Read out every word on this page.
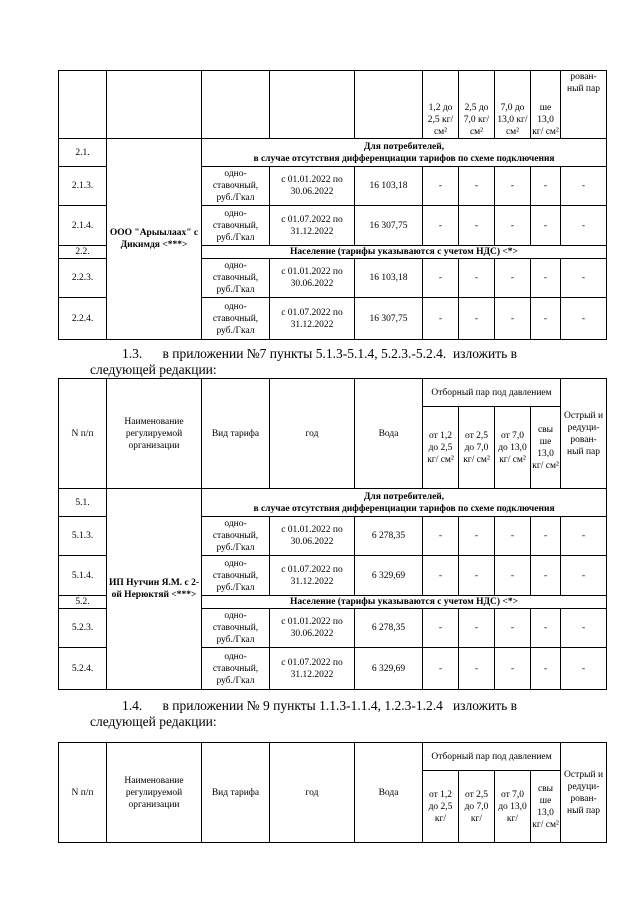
					1,2 до 2,5 кг/ см²	2,5 до 7,0 кг/ см²	7,0 до 13,0 кг/ см²	ше 13,0 кг/ см²	рован- ный пар
2.1.	ООО "Арыылаах" с Дикимдя <***>	Для потребителей,
в случае отсутствия дифференциации тарифов по схеме подключения							

2.1.3.		одно- ставочный, руб./Гкал	с 01.01.2022 по 30.06.2022	16 103,18	-	-	-	-	-
2.1.4.		одно- ставочный, руб./Гкал	с 01.07.2022 по 31.12.2022	16 307,75	-	-	-	-	-
2.2.		Население (тарифы указываются с учетом НДС) <*>							
2.2.3.		одно- ставочный, руб./Гкал	с 01.01.2022 по 30.06.2022	16 103,18	-	-	-	-	-
2.2.4.		одно- ставочный, руб./Гкал	с 01.07.2022 по 31.12.2022	16 307,75	-	-	-	-	-
1.3.      в приложении №7 пункты 5.1.3-5.1.4, 5.2.3.-5.2.4.  изложить в
следующей редакции:
N п/п	Наименование регулируемой организации	Вид тарифа	год	Вода	Отборный пар под давлением				Острый и редуци- рован- ный пар
					от 1,2 до 2,5 кг/ см²	от 2,5 до 7,0 кг/ см²	от 7,0 до 13,0 кг/ см²	свы ше 13,0 кг/ см²	
5.1.	ИП Нутчин Я.М. с 2-ой Нерюктяй <***>	Для потребителей,
в случае отсутствия дифференциации тарифов по схеме подключения							

5.1.3.		одно- ставочный, руб./Гкал	с 01.01.2022 по 30.06.2022	6 278,35	-	-	-	-	-
5.1.4.		одно- ставочный, руб./Гкал	с 01.07.2022 по 31.12.2022	6 329,69	-	-	-	-	-
5.2.		Население (тарифы указываются с учетом НДС) <*>							
5.2.3.		одно- ставочный, руб./Гкал	с 01.01.2022 по 30.06.2022	6 278,35	-	-	-	-	-
5.2.4.		одно- ставочный, руб./Гкал	с 01.07.2022 по 31.12.2022	6 329,69	-	-	-	-	-
1.4.      в приложении № 9 пункты 1.1.3-1.1.4, 1.2.3-1.2.4   изложить в
следующей редакции:
N п/п	Наименование регулируемой организации	Вид тарифа	год	Вода	Отборный пар под давлением				Острый и редуци- рован- ный пар
					от 1,2 до 2,5 кг/	от 2,5 до 7,0 кг/	от 7,0 до 13,0 кг/	свы ше 13,0 кг/ см²	
